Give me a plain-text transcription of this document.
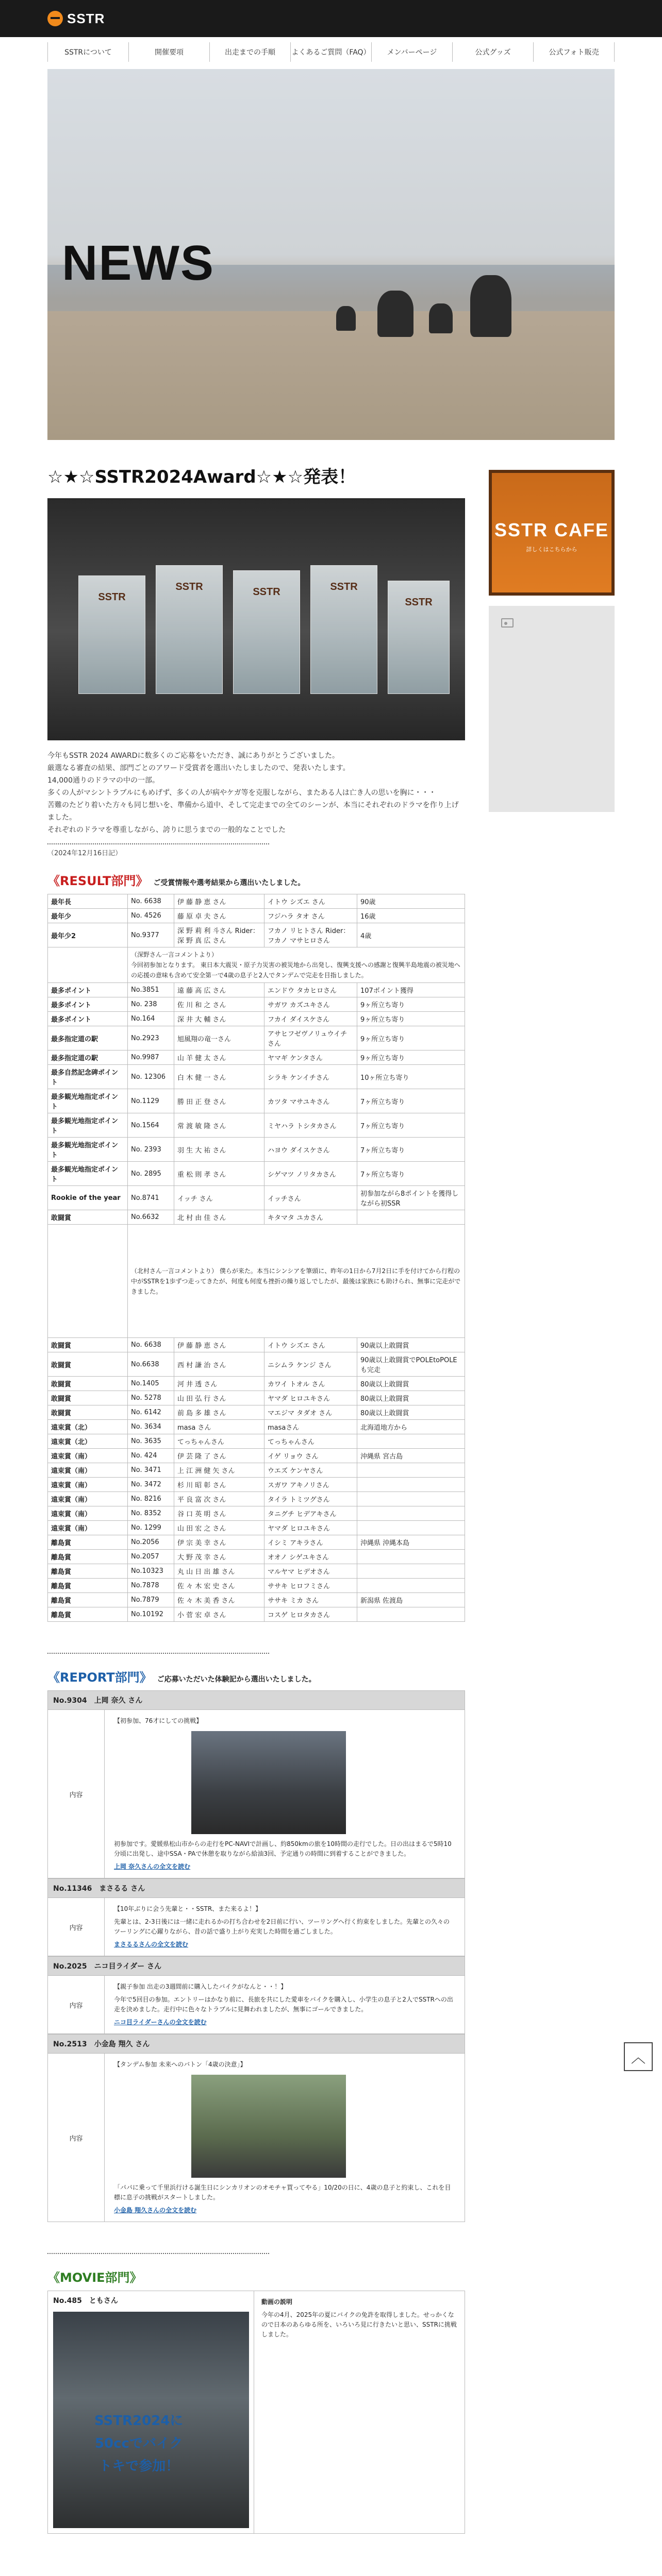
SSTR
SSTRについて	開催要項	出走までの手順	よくあるご質問（FAQ）	メンバーページ	公式グッズ	公式フォト販売
NEWS
☆★☆SSTR2024Award☆★☆発表！
SSTR
SSTR	SSTR	SSTR
SSTR

今年もSSTR 2024 AWARDに数多くのご応募をいただき、誠にありがとうございました。

厳選なる審査の結果、部門ごとのアワード受賞者を選出いたしましたので、発表いたします。

14,000通りのドラマの中の一部。

多くの人がマシントラブルにもめげず、多くの人が病やケガ等を克服しながら、またある人は亡き人の思いを胸に・・・

苦難のたどり着いた方々も同じ想いを、準備から道中、そして完走までの全てのシーンが、本当にそれぞれのドラマを作り上げました。

それぞれのドラマを尊重しながら、誇りに思うまでの一般的なことでした

（2024年12月16日記）
《RESULT部門》 ご受賞情報や選考結果から選出いたしました。
最年長	No. 6638	伊 藤 静 恵 さん	イトウ シズエ さん	90歳
最年少	No. 4526	藤 原 卓 夫 さん	フジハラ タオ さん	16歳
最年少2	No.9377	深 野 莉 利 斗さん Rider：深 野 真 広 さん	フカノ リヒトさん Rider：フカノ マサヒロさん	4歳

	（深野さん一言コメントより）

今回初参加となります。 東日本大震災・原子力災害の被災地から出発し、復興支援への感謝と復興半島地震の被災地への応援の意味も含めて安全第一で4歳の息子と2人でタンデムで完走を目指しました。			

最多ポイント	No.3851	遠 藤 高 広 さん	エンドウ タカヒロさん	107ポイント獲得
最多ポイント	No. 238	佐 川 和 之 さん	サガワ カズユキさん	9ヶ所立ち寄り
最多ポイント	No.164	深 井 大 輔 さん	フカイ ダイスケさん	9ヶ所立ち寄り
最多指定道の駅	No.2923	旭風翔の竜一さん	アサヒフゼヴノリュウイチさん	9ヶ所立ち寄り
最多指定道の駅	No.9987	山 羊 健 太 さん	ヤマギ ケンタさん	9ヶ所立ち寄り
最多自然記念碑ポイント	No. 12306	白 木 健 一 さん	シラキ ケンイチさん	10ヶ所立ち寄り
最多観光地指定ポイント	No.1129	勝 田 正 登 さん	カツタ マサユキさん	7ヶ所立ち寄り
最多観光地指定ポイント	No.1564	常 渡 敏 隆 さん	ミヤハラ トシタカさん	7ヶ所立ち寄り
最多観光地指定ポイント	No. 2393	羽 生 大 祐 さん	ハヨウ ダイスケさん	7ヶ所立ち寄り
最多観光地指定ポイント	No. 2895	重 松 則 孝 さん	シゲマツ ノリタカさん	7ヶ所立ち寄り
Rookie of the year	No.8741	イッチ さん	イッチさん	初参加ながら8ポイントを獲得しながら初SSR
敢闘賞	No.6632	北 村 由 佳 さん	キタマタ ユカさん	
	（北村さん一言コメントより） 僕らが来た。本当にシンシアを筆頭に、昨年の1日から7月2日に手を付けてから行程の中がSSTRを1歩ずつ走ってきたが、何度も何度も挫折の繰り返しでしたが、最後は家族にも助けられ、無事に完走ができました。			
敢闘賞	No. 6638	伊 藤 静 恵 さん	イトウ シズエ さん	90歳以上敢闘賞
敢闘賞	No.6638	西 村 謙 治 さん	ニシムラ ケンジ さん	90歳以上敢闘賞でPOLEtoPOLEも完走
敢闘賞	No.1405	河 井 透 さん	カワイ トオル さん	80歳以上敢闘賞
敢闘賞	No. 5278	山 田 弘 行 さん	ヤマダ ヒロユキさん	80歳以上敢闘賞
敢闘賞	No. 6142	前 島 多 雄 さん	マエジマ タダオ さん	80歳以上敢闘賞
遠束賞（北）	No. 3634	masa さん	masaさん	北海道地方から
遠束賞（北）	No. 3635	てっちゃんさん	てっちゃんさん	
遠束賞（南）	No. 424	伊 芸 隆 了 さん	イゲ リョウ さん	沖縄県 宮古島
遠束賞（南）	No. 3471	上 江 洲 健 矢 さん	ウエズ ケンヤさん	
遠束賞（南）	No. 3472	杉 川 昭 彰 さん	スガワ アキノリさん	
遠束賞（南）	No. 8216	平 良 富 次 さん	タイラ トミツグさん	
遠束賞（南）	No. 8352	谷 口 英 明 さん	タニグチ ヒデアキさん	
遠束賞（南）	No. 1299	山 田 宏 之 さん	ヤマダ ヒロユキさん	
離島賞	No.2056	伊 宗 美 幸 さん	イシミ アキラさん	沖縄県 沖縄本島
離島賞	No.2057	大 野 茂 幸 さん	オオノ シゲユキさん	
離島賞	No.10323	丸 山 日 出 雄 さん	マルヤマ ヒデオさん	
離島賞	No.7878	佐 々 木 宏 史 さん	ササキ ヒロフミさん	
離島賞	No.7879	佐 々 木 美 香 さん	ササキ ミカ さん	新潟県 佐渡島
離島賞	No.10192	小 菅 宏 卓 さん	コスゲ ヒロタカさん	
《REPORT部門》 ご応募いただいた体験記から選出いたしました。
No.9304　上岡 奈久 さん
内容

【初参加、76才にしての挑戦】

初参加です。愛媛県松山市からの走行をPC-NAVIで計画し、約850kmの旅を10時間の走行でした。日の出はまるで5時10分頃に出発し、途中SSA・PAで休憩を取りながら給油3回、予定通りの時間に到着することができました。

上岡 奈久さんの全文を読む

No.11346　まさるる さん
内容

【10年ぶりに会う先輩と・・SSTR、また来るよ！】

先輩とは、2-3日後には一緒に走れるかの打ち合わせを2日前に行い、ツーリングへ行く約束をしました。先輩との久々のツーリングに心躍りながら、昔の話で盛り上がり充実した時間を過ごしました。

まさるるさんの全文を読む

No.2025　ニコ目ライダー さん
内容

【親子参加 出走の3週間前に購入したバイクがなんと・・！】

今年で5回目の参加。エントリーはかなり前に、長旅を共にした愛車をバイクを購入し、小学生の息子と2人でSSTRへの出走を決めました。走行中に色々なトラブルに見舞われましたが、無事にゴールできました。

ニコ目ライダーさんの全文を読む

No.2513　小金島 翔久 さん
内容

【タンデム参加 未来へのバトン「4歳の決意」】

「パパに乗って千里浜行ける誕生日にシンカリオンのオモチャ買ってやる」10/20の日に、4歳の息子と約束し、これを目標に息子の挑戦がスタートしました。

小金島 翔久さんの全文を読む

《MOVIE部門》
No.485　ともさん
SSTR2024に
50ccでバイク
トキで参加！

動画の説明

今年の4月、2025年の夏にバイクの免許を取得しました。せっかくなので日本のあらゆる所を、いろいろ見に行きたいと思い、SSTRに挑戦しました。

SSTR CAFE
詳しくはこちらから
︿
